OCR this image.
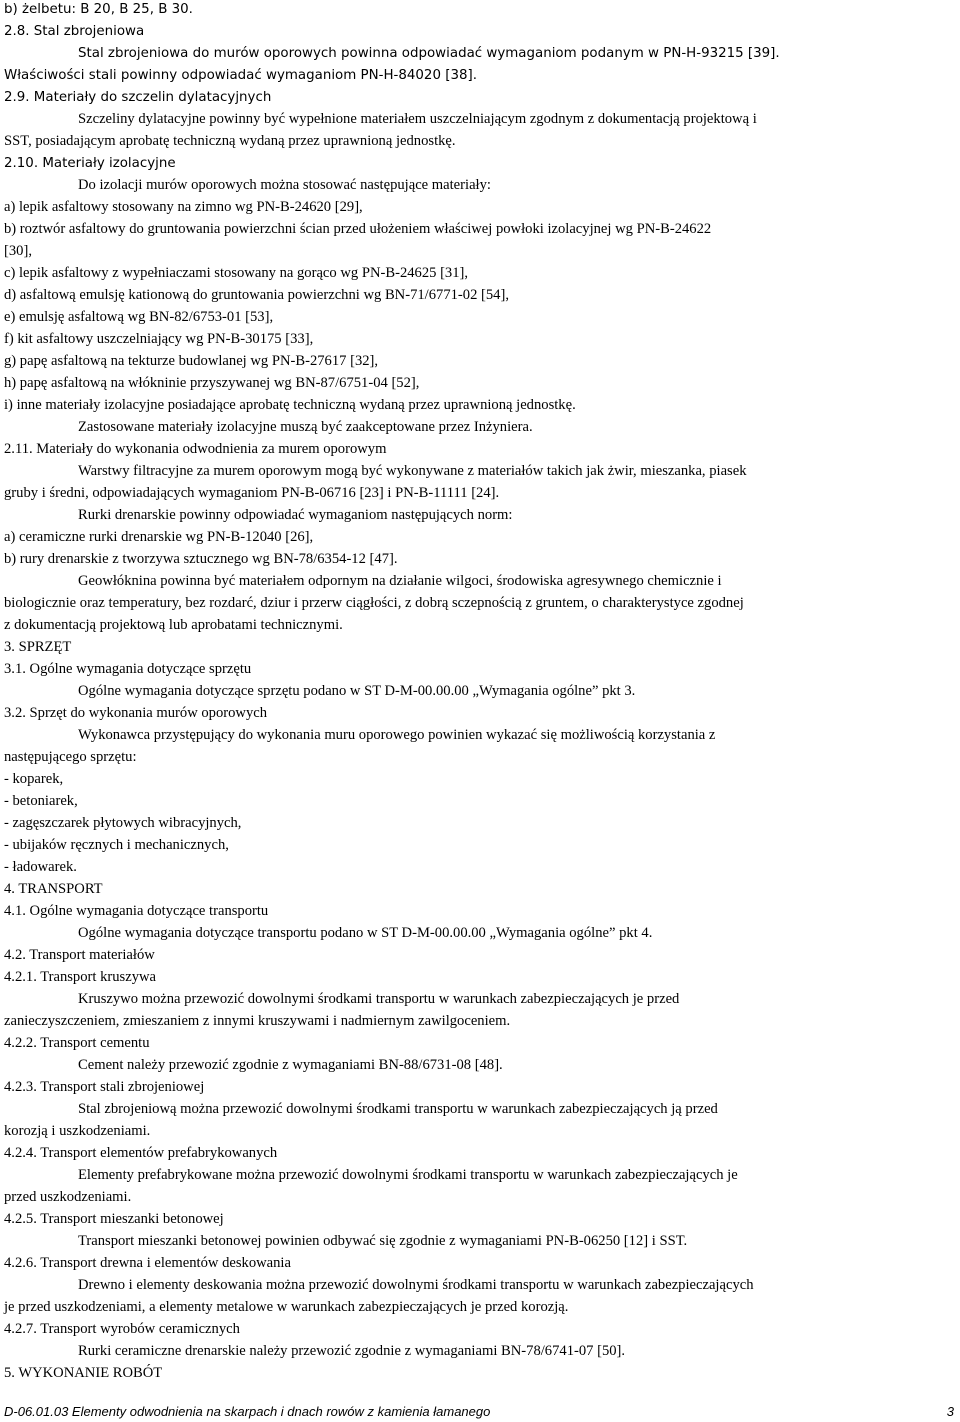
b) żelbetu: B 20, B 25, B 30.
2.8. Stal zbrojeniowa
Stal zbrojeniowa do murów oporowych powinna odpowiadać wymaganiom podanym w PN-H-93215 [39].
Właściwości stali powinny odpowiadać wymaganiom PN-H-84020 [38].
2.9. Materiały do szczelin dylatacyjnych
Szczeliny dylatacyjne powinny być wypełnione materiałem uszczelniającym zgodnym z dokumentacją projektową i
SST, posiadającym aprobatę techniczną wydaną przez uprawnioną jednostkę.
2.10. Materiały izolacyjne
Do izolacji murów oporowych można stosować następujące materiały:
a) lepik asfaltowy stosowany na zimno wg PN-B-24620 [29],
b) roztwór asfaltowy do gruntowania powierzchni ścian przed ułożeniem właściwej powłoki izolacyjnej wg PN-B-24622
[30],
c) lepik asfaltowy z wypełniaczami stosowany na gorąco wg PN-B-24625 [31],
d) asfaltową emulsję kationową do gruntowania powierzchni wg BN-71/6771-02 [54],
e) emulsję asfaltową wg BN-82/6753-01 [53],
f) kit asfaltowy uszczelniający wg PN-B-30175 [33],
g) papę asfaltową na tekturze budowlanej wg PN-B-27617 [32],
h) papę asfaltową na włókninie przyszywanej wg BN-87/6751-04 [52],
i) inne materiały izolacyjne posiadające aprobatę techniczną wydaną przez uprawnioną jednostkę.
Zastosowane materiały izolacyjne muszą być zaakceptowane przez Inżyniera.
2.11. Materiały do wykonania odwodnienia za murem oporowym
Warstwy filtracyjne za murem oporowym mogą być wykonywane z materiałów takich jak żwir, mieszanka, piasek
gruby i średni, odpowiadających wymaganiom PN-B-06716 [23] i PN-B-11111 [24].
Rurki drenarskie powinny odpowiadać wymaganiom następujących norm:
a) ceramiczne rurki drenarskie wg PN-B-12040 [26],
b) rury drenarskie z tworzywa sztucznego wg BN-78/6354-12 [47].
Geowłóknina powinna być materiałem odpornym na działanie wilgoci, środowiska agresywnego chemicznie i
biologicznie oraz temperatury, bez rozdarć, dziur i przerw ciągłości, z dobrą sczepnością z gruntem, o charakterystyce zgodnej
z dokumentacją projektową lub aprobatami technicznymi.
3. SPRZĘT
3.1. Ogólne wymagania dotyczące sprzętu
Ogólne wymagania dotyczące sprzętu podano w ST D-M-00.00.00 „Wymagania ogólne” pkt 3.
3.2. Sprzęt do wykonania murów oporowych
Wykonawca przystępujący do wykonania muru oporowego powinien wykazać się możliwością korzystania z
następującego sprzętu:
- koparek,
- betoniarek,
- zagęszczarek płytowych wibracyjnych,
- ubijaków ręcznych i mechanicznych,
- ładowarek.
4. TRANSPORT
4.1. Ogólne wymagania dotyczące transportu
Ogólne wymagania dotyczące transportu podano w ST D-M-00.00.00 „Wymagania ogólne” pkt 4.
4.2. Transport materiałów
4.2.1. Transport kruszywa
Kruszywo można przewozić dowolnymi środkami transportu w warunkach zabezpieczających je przed
zanieczyszczeniem, zmieszaniem z innymi kruszywami i nadmiernym zawilgoceniem.
4.2.2. Transport cementu
Cement należy przewozić zgodnie z wymaganiami BN-88/6731-08 [48].
4.2.3. Transport stali zbrojeniowej
Stal zbrojeniową można przewozić dowolnymi środkami transportu w warunkach zabezpieczających ją przed
korozją i uszkodzeniami.
4.2.4. Transport elementów prefabrykowanych
Elementy prefabrykowane można przewozić dowolnymi środkami transportu w warunkach zabezpieczających je
przed uszkodzeniami.
4.2.5. Transport mieszanki betonowej
Transport mieszanki betonowej powinien odbywać się zgodnie z wymaganiami PN-B-06250 [12] i SST.
4.2.6. Transport drewna i elementów deskowania
Drewno i elementy deskowania można przewozić dowolnymi środkami transportu w warunkach zabezpieczających
je przed uszkodzeniami, a elementy metalowe w warunkach zabezpieczających je przed korozją.
4.2.7. Transport wyrobów ceramicznych
Rurki ceramiczne drenarskie należy przewozić zgodnie z wymaganiami BN-78/6741-07 [50].
5. WYKONANIE ROBÓT
D-06.01.03 Elementy odwodnienia na skarpach i dnach rowów z kamienia łamanego	3
